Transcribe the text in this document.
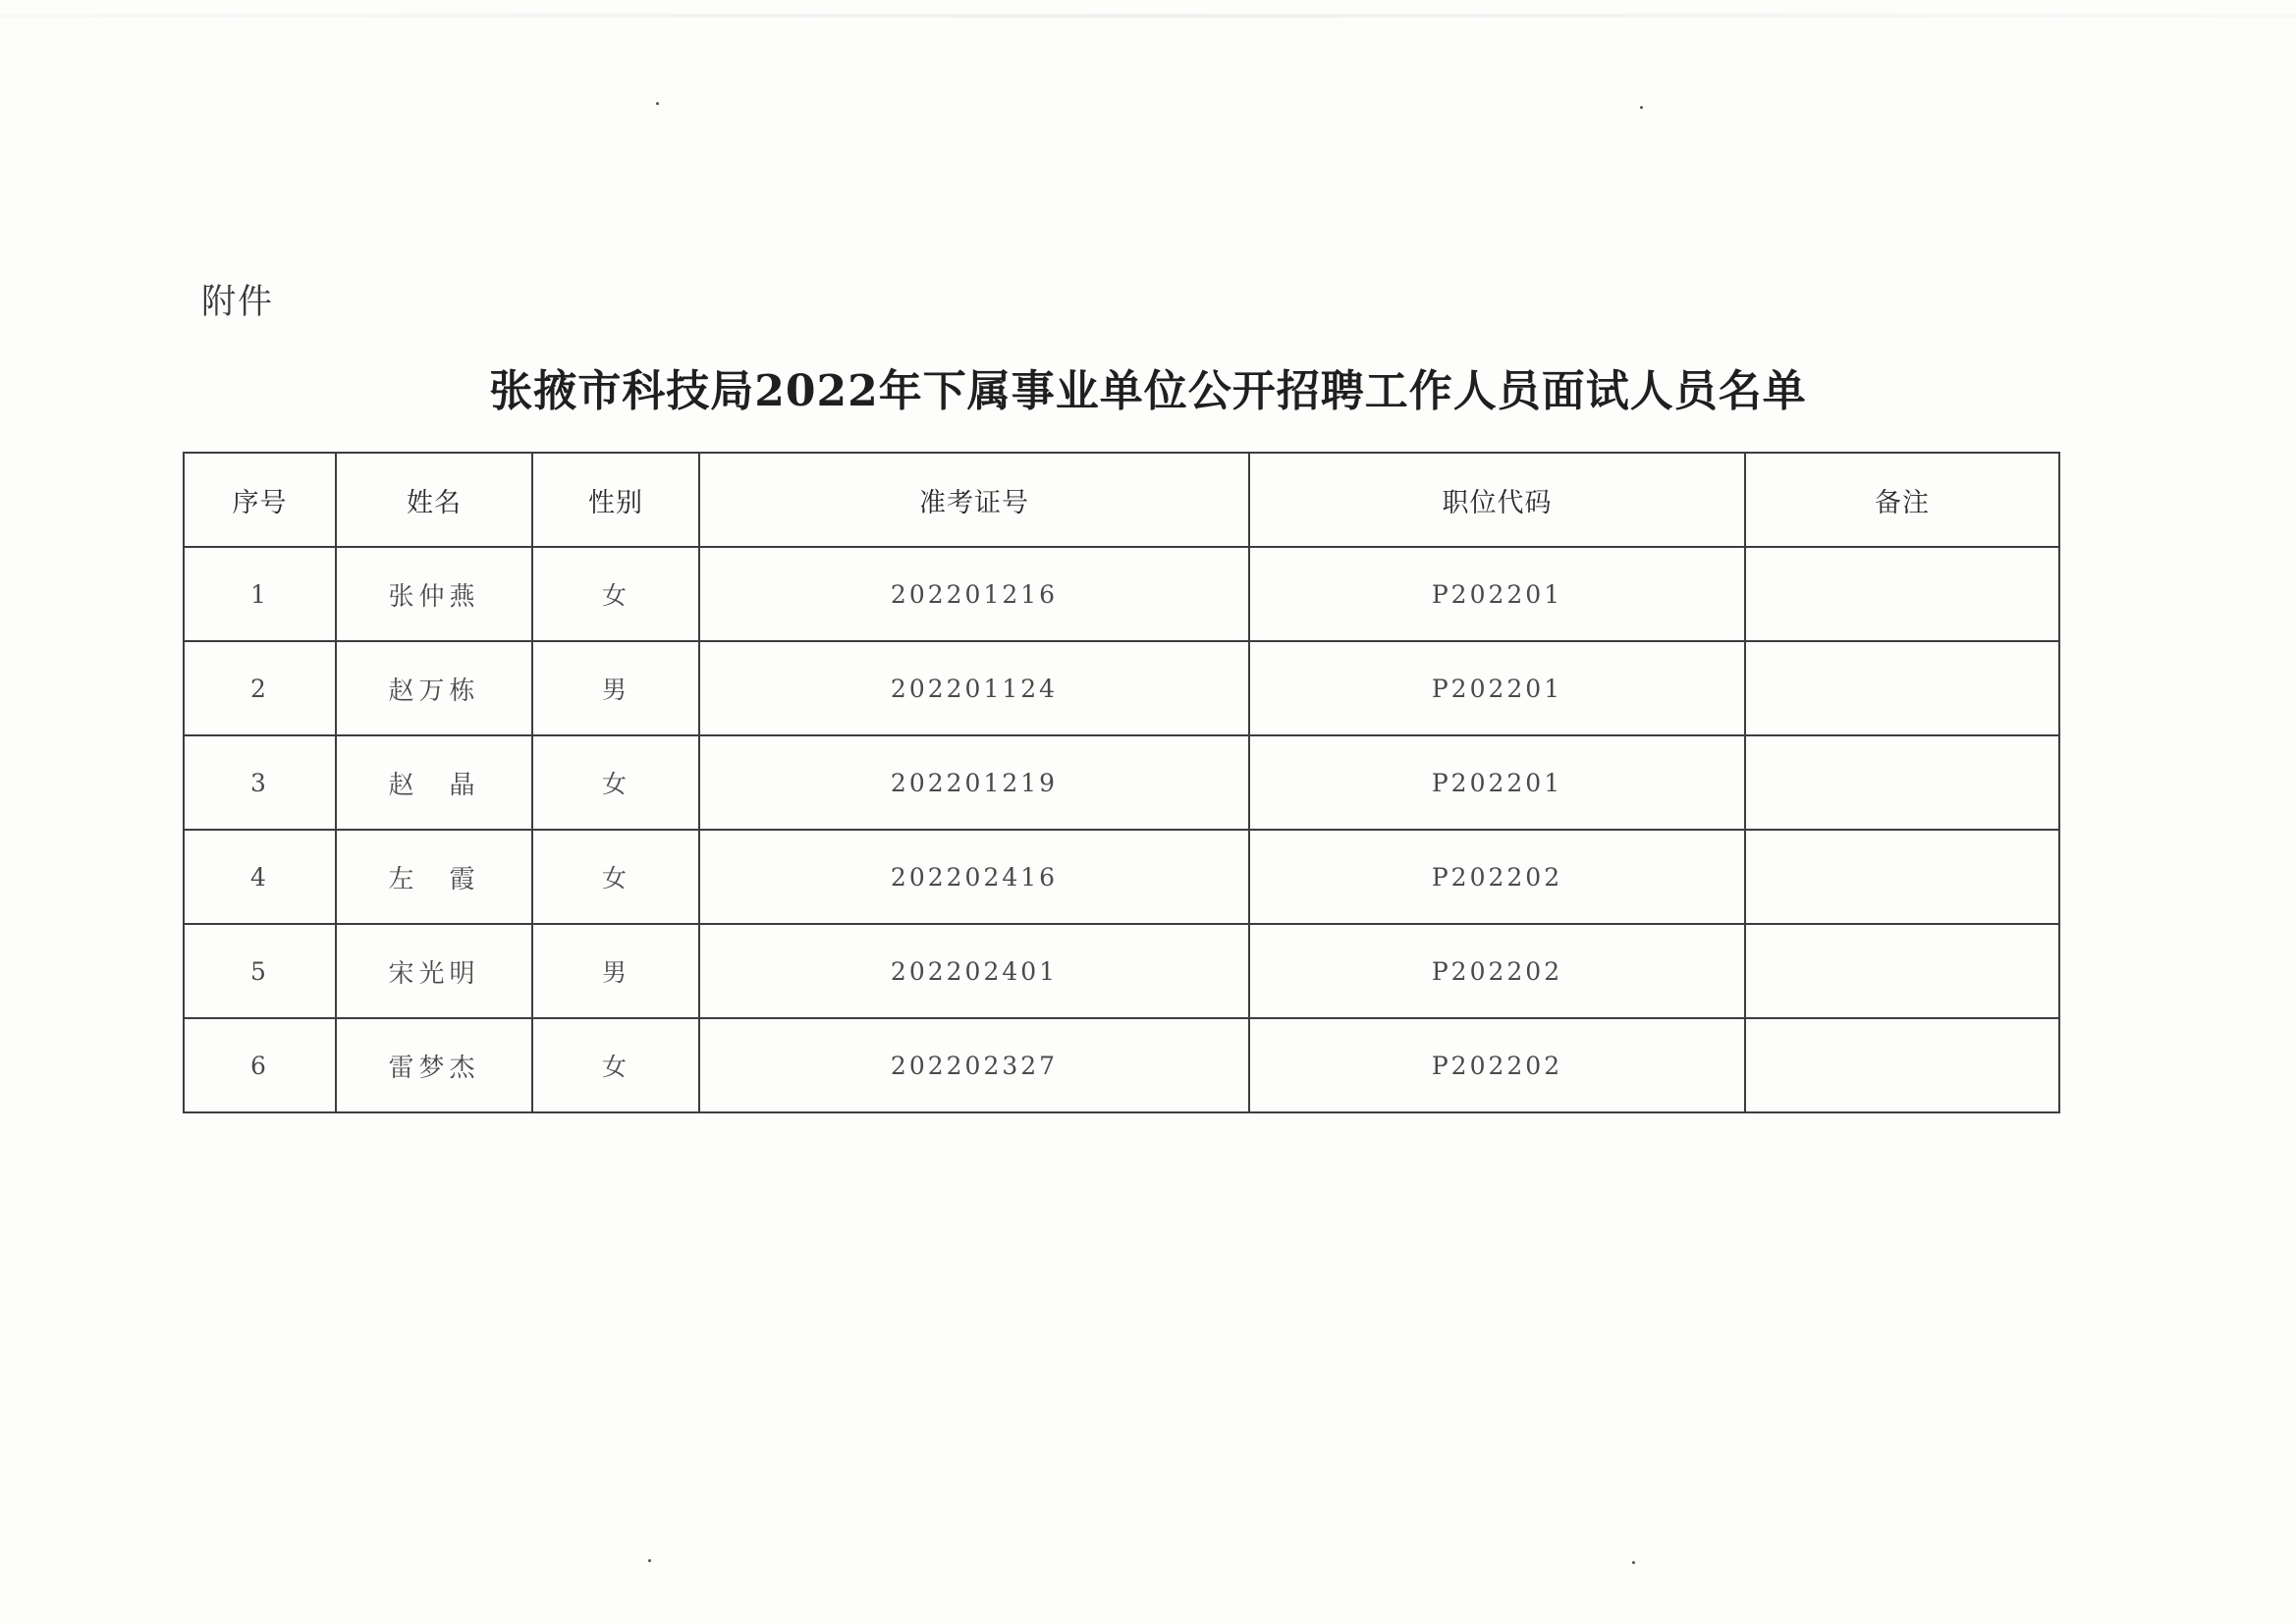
附件
张掖市科技局2022年下属事业单位公开招聘工作人员面试人员名单
序号	姓名	性别	准考证号	职位代码	备注
1	张仲燕	女	202201216	P202201	
2	赵万栋	男	202201124	P202201	
3	赵　晶	女	202201219	P202201	
4	左　霞	女	202202416	P202202	
5	宋光明	男	202202401	P202202	
6	雷梦杰	女	202202327	P202202	
